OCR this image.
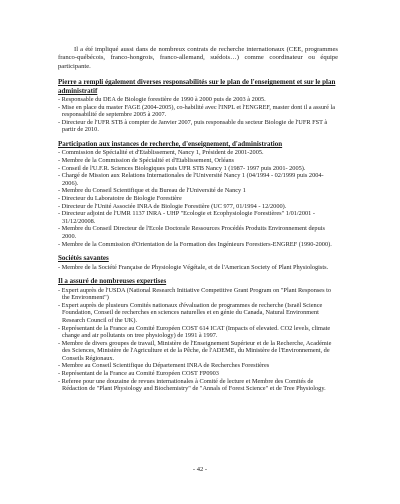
Il a été impliqué aussi dans de nombreux contrats de recherche internationaux (CEE, programmes franco-québécois, franco-hongrois, franco-allemand, suédois…) comme coordinateur ou équipe participante.

Pierre a rempli également diverses responsabilités sur le plan de l'enseignement et sur le plan administratif
- Responsable du DEA de Biologie forestière de 1990 à 2000 puis de 2003 à 2005.
- Mise en place du master FAGE (2004-2005), co-habilité avec l'INPL et l'ENGREF, master dont il a assuré la responsabilité de septembre 2005 à 2007.
- Directeur de l'UFR STB à compter de Janvier 2007, puis responsable du secteur Biologie de l'UFR FST à partir de 2010.
Participation aux instances de recherche, d'enseignement, d'administration
- Commission de Spécialité et d'Etablissement, Nancy 1, Président de 2001-2005.
- Membre de la Commission de Spécialité et d'Etablissement, Orléans
- Conseil de l'U.F.R. Sciences Biologiques puis UFR STB Nancy 1 (1987- 1997 puis 2001- 2005).
- Chargé de Mission aux Relations Internationales de l'Université Nancy 1 (04/1994 - 02/1999 puis 2004-2006).
- Membre du Conseil Scientifique et du Bureau de l'Université de Nancy 1
- Directeur du Laboratoire de Biologie Forestière
- Directeur de l'Unité Associée INRA de Biologie Forestière (UC 977, 01/1994 - 12/2000).
- Directeur adjoint de l'UMR 1137 INRA - UHP "Ecologie et Ecophysiologie Forestières" 1/01/2001 - 31/12/20008.
- Membre du Conseil Directeur de l'Ecole Doctorale Ressources Procédés Produits Environnement depuis 2000.
- Membre de la Commission d'Orientation de la Formation des Ingénieurs Forestiers-ENGREF (1990-2000).
Sociétés savantes
- Membre de la Société Française de Physiologie Végétale, et de l'American Society of Plant Physiologists.
Il a assuré de nombreuses expertises
- Expert auprès de l'USDA (National Research Initiative Competitive Grant Program on "Plant Responses to the Environment")
- Expert auprès de plusieurs Comités nationaux d'évaluation de programmes de recherche (Israël Science Foundation, Conseil de recherches en sciences naturelles et en génie du Canada, Natural Environment Research Council of the UK).
- Représentant de la France au Comité Européen COST 614 ICAT (Impacts of elevated. CO2 levels, climate change and air pollutants on tree physiology) de 1991 à 1997.
- Membre de divers groupes de travail, Ministère de l'Enseignement Supérieur et de la Recherche, Académie des Sciences, Ministère de l'Agriculture et de la Pêche, de l'ADEME, du Ministère de l'Environnement, de Conseils Régionaux.
- Membre au Conseil Scientifique du Département INRA de Recherches Forestières
- Représentant de la France au Comité Européen COST FP0903
- Referee pour une douzaine de revues internationales à Comité de lecture et Membre des Comités de Rédaction de "Plant Physiology and Biochemistry" de "Annals of Forest Science" et de Tree Physiology.
- 42 -
